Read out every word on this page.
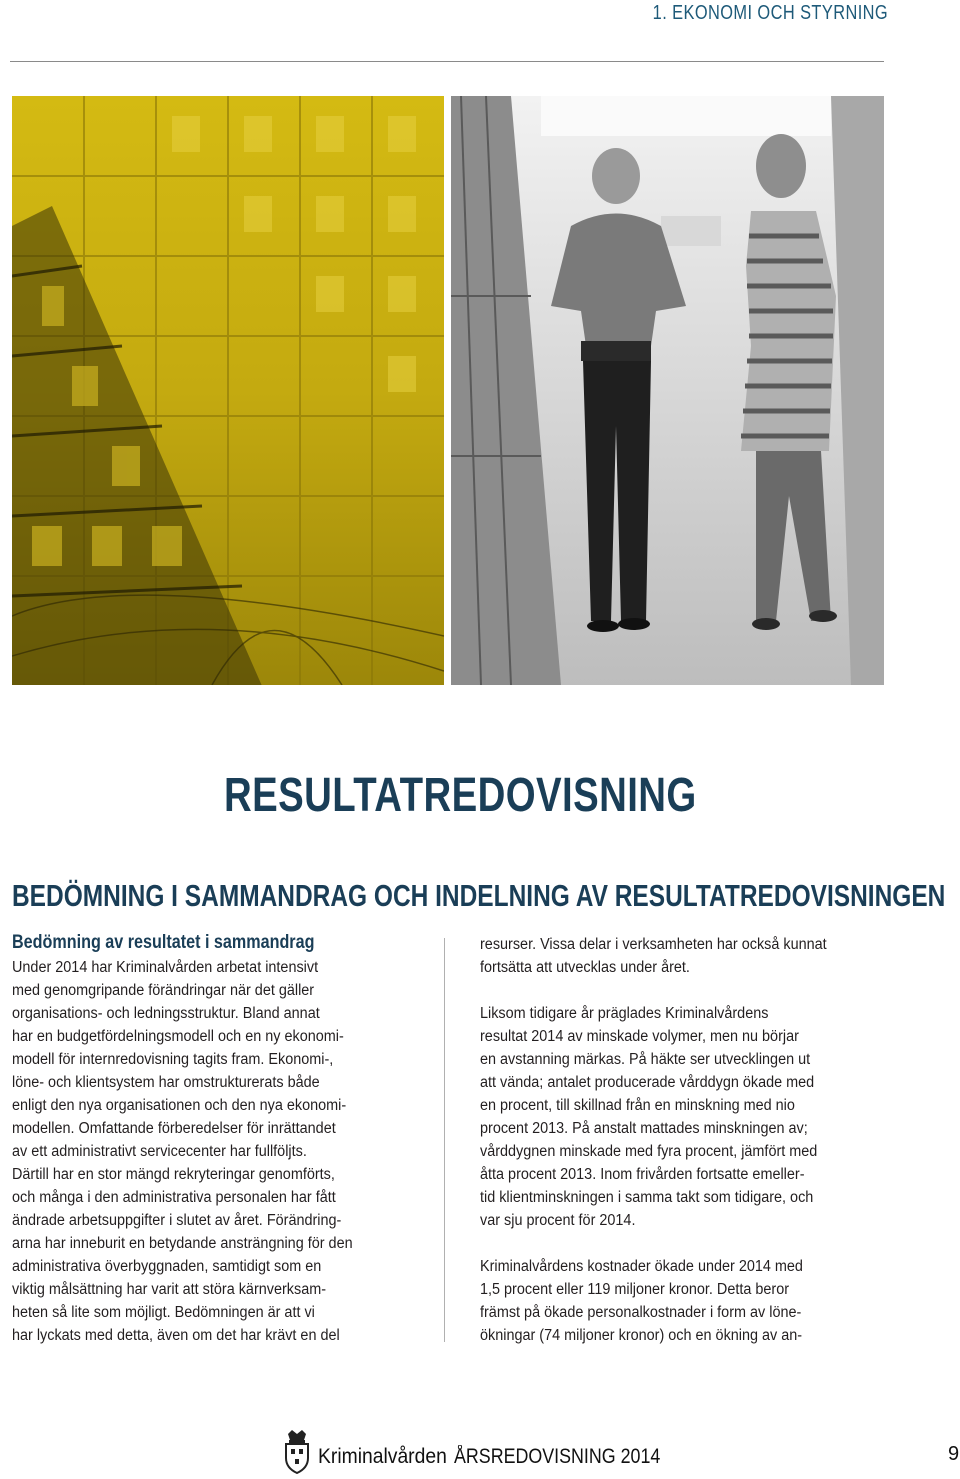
1. EKONOMI OCH STYRNING
RESULTATREDOVISNING
BEDÖMNING I SAMMANDRAG OCH INDELNING AV RESULTATREDOVISNINGEN
Bedömning av resultatet i sammandrag
Under 2014 har Kriminalvården arbetat intensivt
med genomgripande förändringar när det gäller
organisations- och ledningsstruktur. Bland annat
har en budgetfördelningsmodell och en ny ekonomi-
modell för internredovisning tagits fram. Ekonomi-,
löne- och klientsystem har omstrukturerats både
enligt den nya organisationen och den nya ekonomi-
modellen. Omfattande förberedelser för inrättandet
av ett administrativt servicecenter har fullföljts.
Därtill har en stor mängd rekryteringar genomförts,
och många i den administrativa personalen har fått
ändrade arbetsuppgifter i slutet av året. Förändring-
arna har inneburit en betydande ansträngning för den
administrativa överbyggnaden, samtidigt som en
viktig målsättning har varit att störa kärnverksam-
heten så lite som möjligt. Bedömningen är att vi
har lyckats med detta, även om det har krävt en del
resurser. Vissa delar i verksamheten har också kunnat
fortsätta att utvecklas under året.
Liksom tidigare år präglades Kriminalvårdens
resultat 2014 av minskade volymer, men nu börjar
en avstanning märkas. På häkte ser utvecklingen ut
att vända; antalet producerade vårddygn ökade med
en procent, till skillnad från en minskning med nio
procent 2013. På anstalt mattades minskningen av;
vårddygnen minskade med fyra procent, jämfört med
åtta procent 2013. Inom frivården fortsatte emeller-
tid klientminskningen i samma takt som tidigare, och
var sju procent för 2014.
Kriminalvårdens kostnader ökade under 2014 med
1,5 procent eller 119 miljoner kronor. Detta beror
främst på ökade personalkostnader i form av löne-
ökningar (74 miljoner kronor) och en ökning av an-
Kriminalvården ÅRSREDOVISNING 2014	9
